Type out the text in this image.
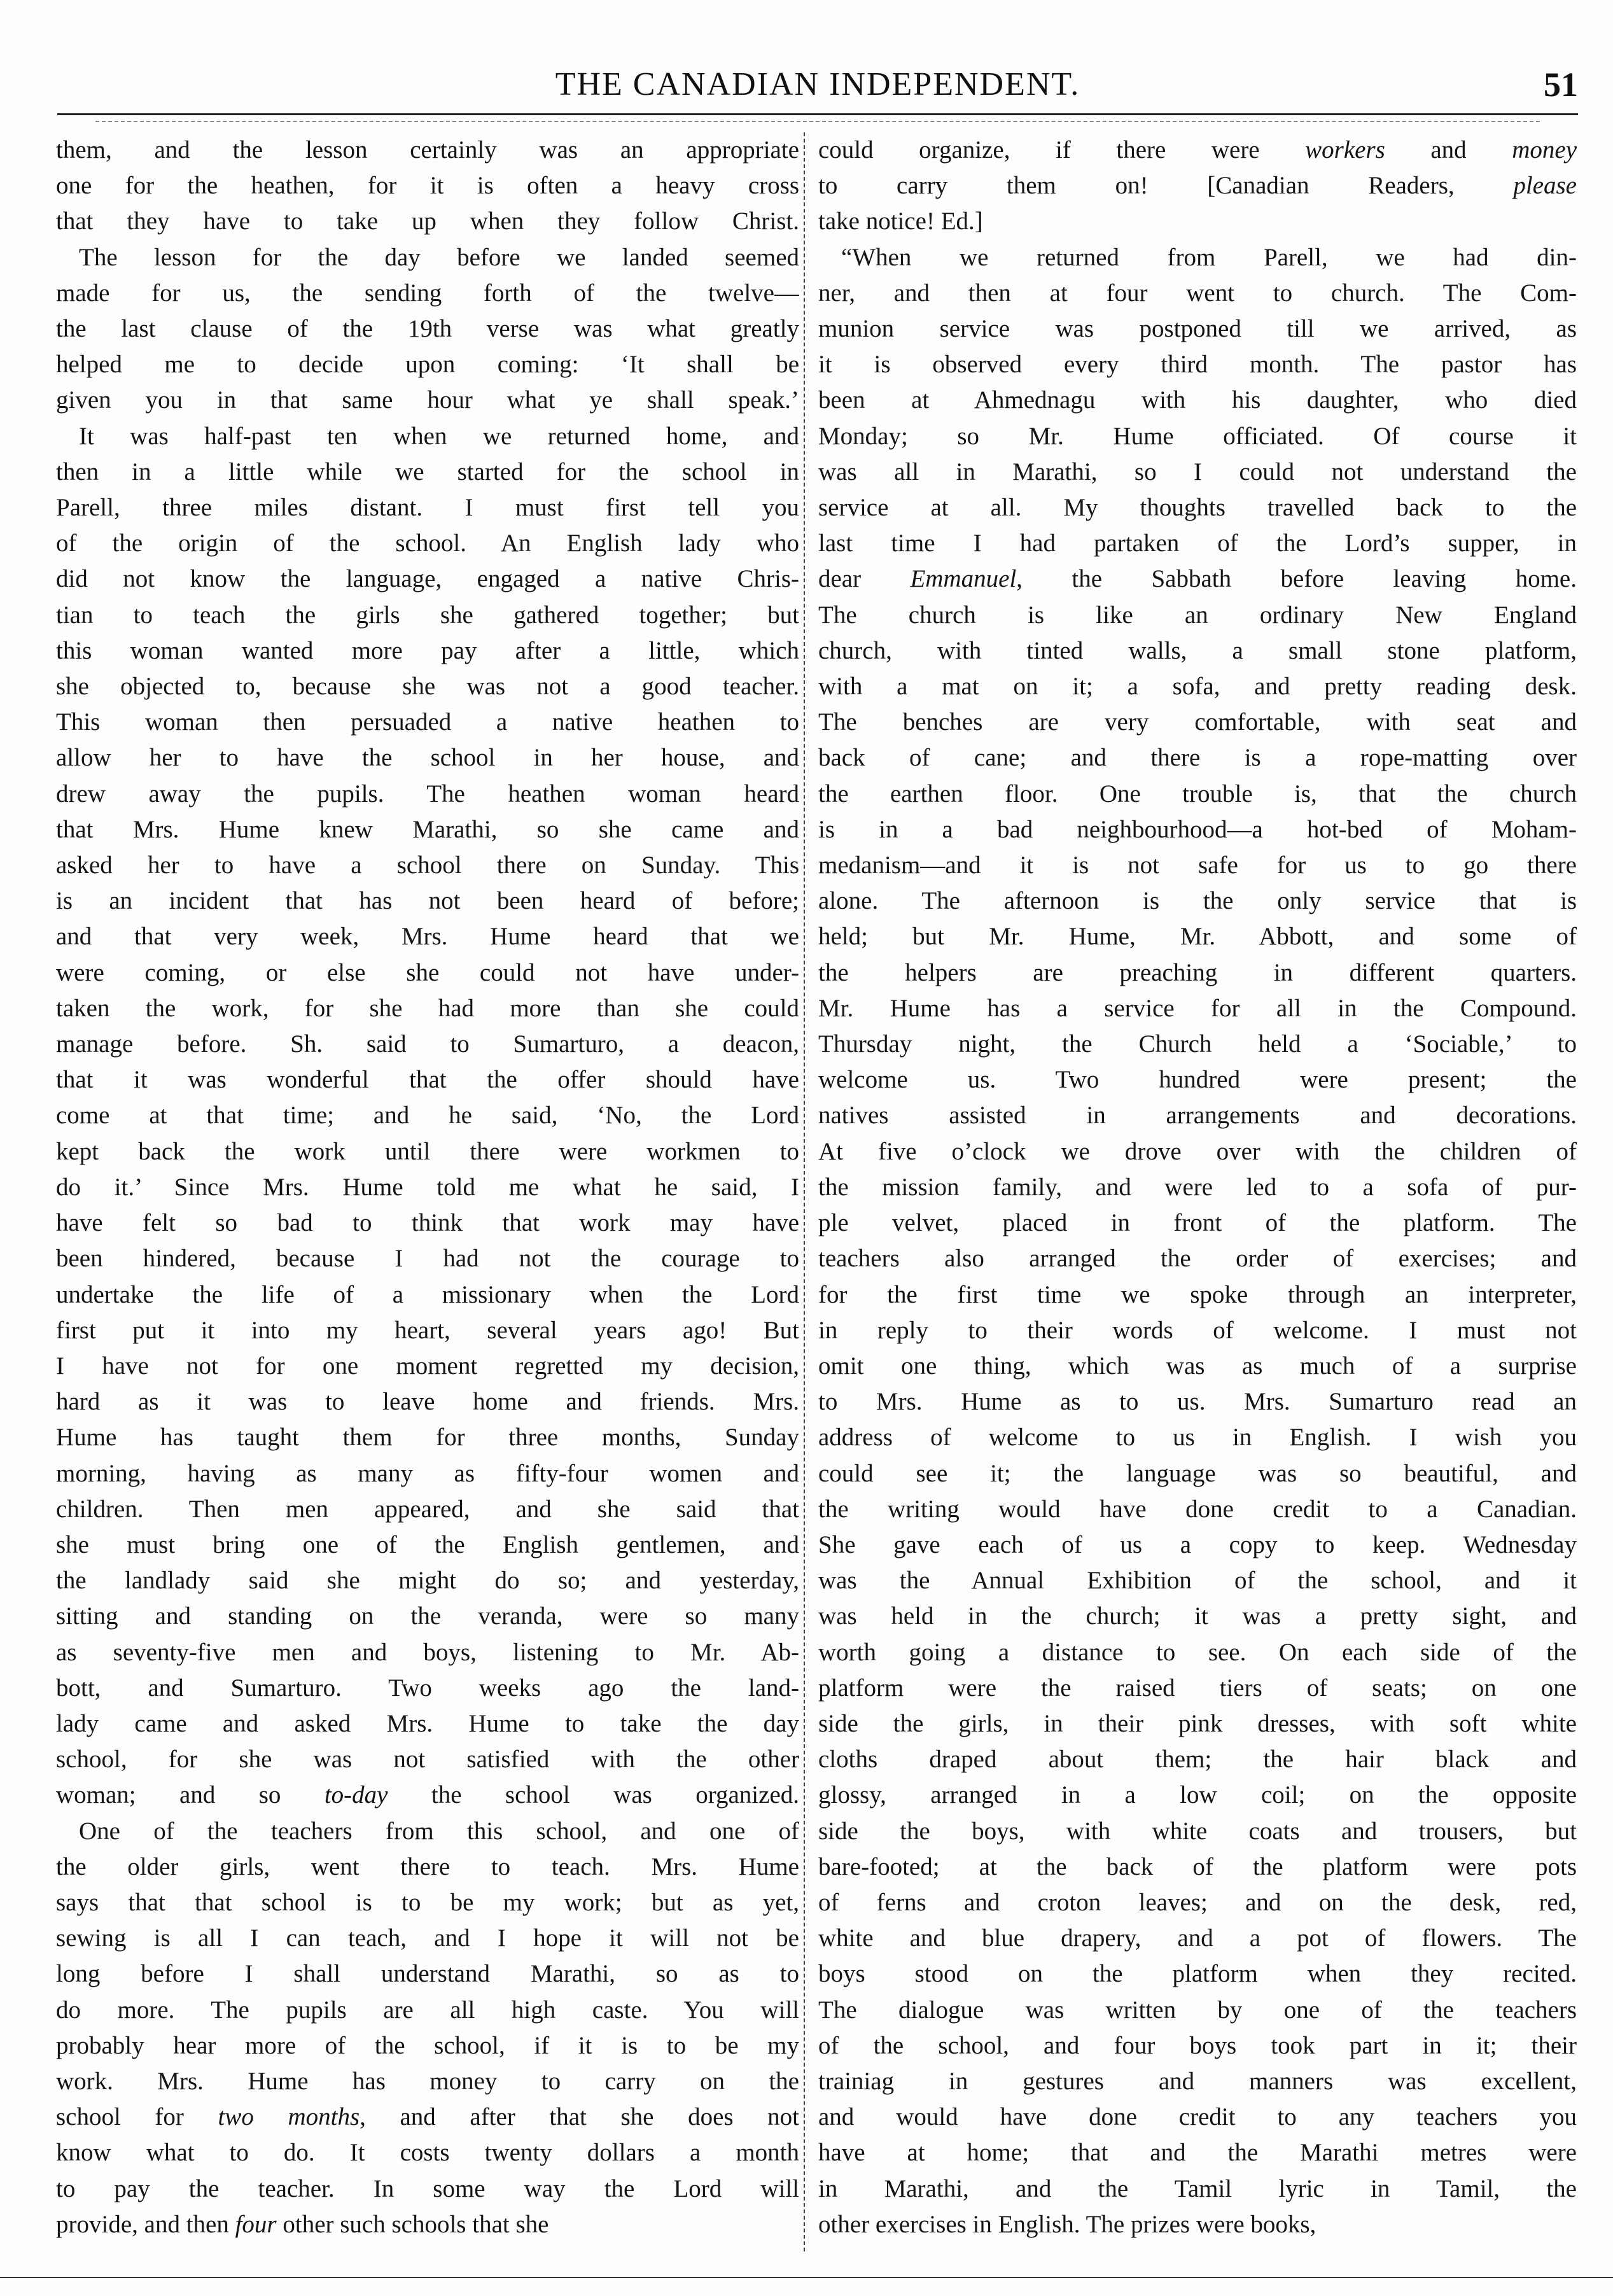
THE CANADIAN INDEPENDENT.	51
them, and the lesson certainly was an appropriate
one for the heathen, for it is often a heavy cross
that they have to take up when they follow Christ.
The lesson for the day before we landed seemed
made for us, the sending forth of the twelve—
the last clause of the 19th verse was what greatly
helped me to decide upon coming: ‘It shall be
given you in that same hour what ye shall speak.’
It was half-past ten when we returned home, and
then in a little while we started for the school in
Parell, three miles distant. I must first tell you
of the origin of the school. An English lady who
did not know the language, engaged a native Chris-
tian to teach the girls she gathered together; but
this woman wanted more pay after a little, which
she objected to, because she was not a good teacher.
This woman then persuaded a native heathen to
allow her to have the school in her house, and
drew away the pupils. The heathen woman heard
that Mrs. Hume knew Marathi, so she came and
asked her to have a school there on Sunday. This
is an incident that has not been heard of before;
and that very week, Mrs. Hume heard that we
were coming, or else she could not have under-
taken the work, for she had more than she could
manage before. Sh. said to Sumarturo, a deacon,
that it was wonderful that the offer should have
come at that time; and he said, ‘No, the Lord
kept back the work until there were workmen to
do it.’ Since Mrs. Hume told me what he said, I
have felt so bad to think that work may have
been hindered, because I had not the courage to
undertake the life of a missionary when the Lord
first put it into my heart, several years ago! But
I have not for one moment regretted my decision,
hard as it was to leave home and friends. Mrs.
Hume has taught them for three months, Sunday
morning, having as many as fifty-four women and
children. Then men appeared, and she said that
she must bring one of the English gentlemen, and
the landlady said she might do so; and yesterday,
sitting and standing on the veranda, were so many
as seventy-five men and boys, listening to Mr. Ab-
bott, and Sumarturo. Two weeks ago the land-
lady came and asked Mrs. Hume to take the day
school, for she was not satisfied with the other
woman; and so to-day the school was organized.
One of the teachers from this school, and one of
the older girls, went there to teach. Mrs. Hume
says that that school is to be my work; but as yet,
sewing is all I can teach, and I hope it will not be
long before I shall understand Marathi, so as to
do more. The pupils are all high caste. You will
probably hear more of the school, if it is to be my
work. Mrs. Hume has money to carry on the
school for two months, and after that she does not
know what to do. It costs twenty dollars a month
to pay the teacher. In some way the Lord will
provide, and then four other such schools that she
could organize, if there were workers and money
to carry them on! [Canadian Readers, please
take notice! Ed.]
“When we returned from Parell, we had din-
ner, and then at four went to church. The Com-
munion service was postponed till we arrived, as
it is observed every third month. The pastor has
been at Ahmednagu with his daughter, who died
Monday; so Mr. Hume officiated. Of course it
was all in Marathi, so I could not understand the
service at all. My thoughts travelled back to the
last time I had partaken of the Lord’s supper, in
dear Emmanuel, the Sabbath before leaving home.
The church is like an ordinary New England
church, with tinted walls, a small stone platform,
with a mat on it; a sofa, and pretty reading desk.
The benches are very comfortable, with seat and
back of cane; and there is a rope-matting over
the earthen floor. One trouble is, that the church
is in a bad neighbourhood—a hot-bed of Moham-
medanism—and it is not safe for us to go there
alone. The afternoon is the only service that is
held; but Mr. Hume, Mr. Abbott, and some of
the helpers are preaching in different quarters.
Mr. Hume has a service for all in the Compound.
Thursday night, the Church held a ‘Sociable,’ to
welcome us. Two hundred were present; the
natives assisted in arrangements and decorations.
At five o’clock we drove over with the children of
the mission family, and were led to a sofa of pur-
ple velvet, placed in front of the platform. The
teachers also arranged the order of exercises; and
for the first time we spoke through an interpreter,
in reply to their words of welcome. I must not
omit one thing, which was as much of a surprise
to Mrs. Hume as to us. Mrs. Sumarturo read an
address of welcome to us in English. I wish you
could see it; the language was so beautiful, and
the writing would have done credit to a Canadian.
She gave each of us a copy to keep. Wednesday
was the Annual Exhibition of the school, and it
was held in the church; it was a pretty sight, and
worth going a distance to see. On each side of the
platform were the raised tiers of seats; on one
side the girls, in their pink dresses, with soft white
cloths draped about them; the hair black and
glossy, arranged in a low coil; on the opposite
side the boys, with white coats and trousers, but
bare-footed; at the back of the platform were pots
of ferns and croton leaves; and on the desk, red,
white and blue drapery, and a pot of flowers. The
boys stood on the platform when they recited.
The dialogue was written by one of the teachers
of the school, and four boys took part in it; their
trainiag in gestures and manners was excellent,
and would have done credit to any teachers you
have at home; that and the Marathi metres were
in Marathi, and the Tamil lyric in Tamil, the
other exercises in English. The prizes were books,
